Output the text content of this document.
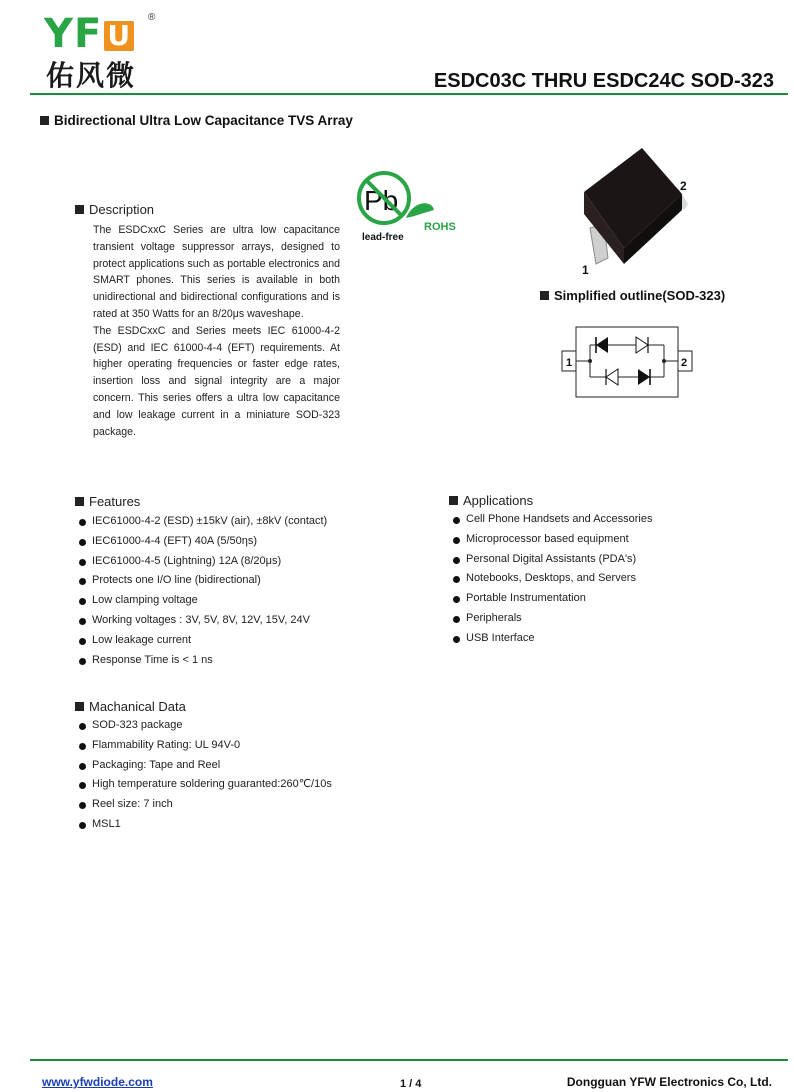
YF U
®
佑风微	ESDC03C THRU ESDC24C SOD-323
Bidirectional Ultra Low Capacitance TVS Array
Description

The ESDCxxC Series are ultra low capacitance transient voltage suppressor arrays, designed to protect applications such as portable electronics and SMART phones. This series is available in both unidirectional and bidirectional configurations and is rated at 350 Watts for an 8/20μs waveshape.

The ESDCxxC and Series meets IEC 61000-4-2 (ESD) and IEC 61000-4-4 (EFT) requirements. At higher operating frequencies or faster edge rates, insertion loss and signal integrity are a major concern. This series offers a ultra low capacitance and low leakage current in a miniature SOD-323 package.

Pb
lead-free
ROHS
1
2
Simplified outline(SOD-323)
1	2
Features
IEC61000-4-2 (ESD) ±15kV (air), ±8kV (contact)
IEC61000-4-4 (EFT) 40A (5/50ηs)
IEC61000-4-5 (Lightning) 12A (8/20μs)
Protects one I/O line (bidirectional)
Low clamping voltage
Working voltages : 3V, 5V, 8V, 12V, 15V, 24V
Low leakage current
Response Time is < 1 ns
Applications
Cell Phone Handsets and Accessories
Microprocessor based equipment
Personal Digital Assistants (PDA's)
Notebooks, Desktops, and Servers
Portable Instrumentation
Peripherals
USB Interface
Machanical Data
SOD-323 package
Flammability Rating: UL 94V-0
Packaging: Tape and Reel
High temperature soldering guaranted:260℃/10s
Reel size: 7 inch
MSL1
www.yfwdiode.com	1 / 4	Dongguan YFW Electronics Co, Ltd.
